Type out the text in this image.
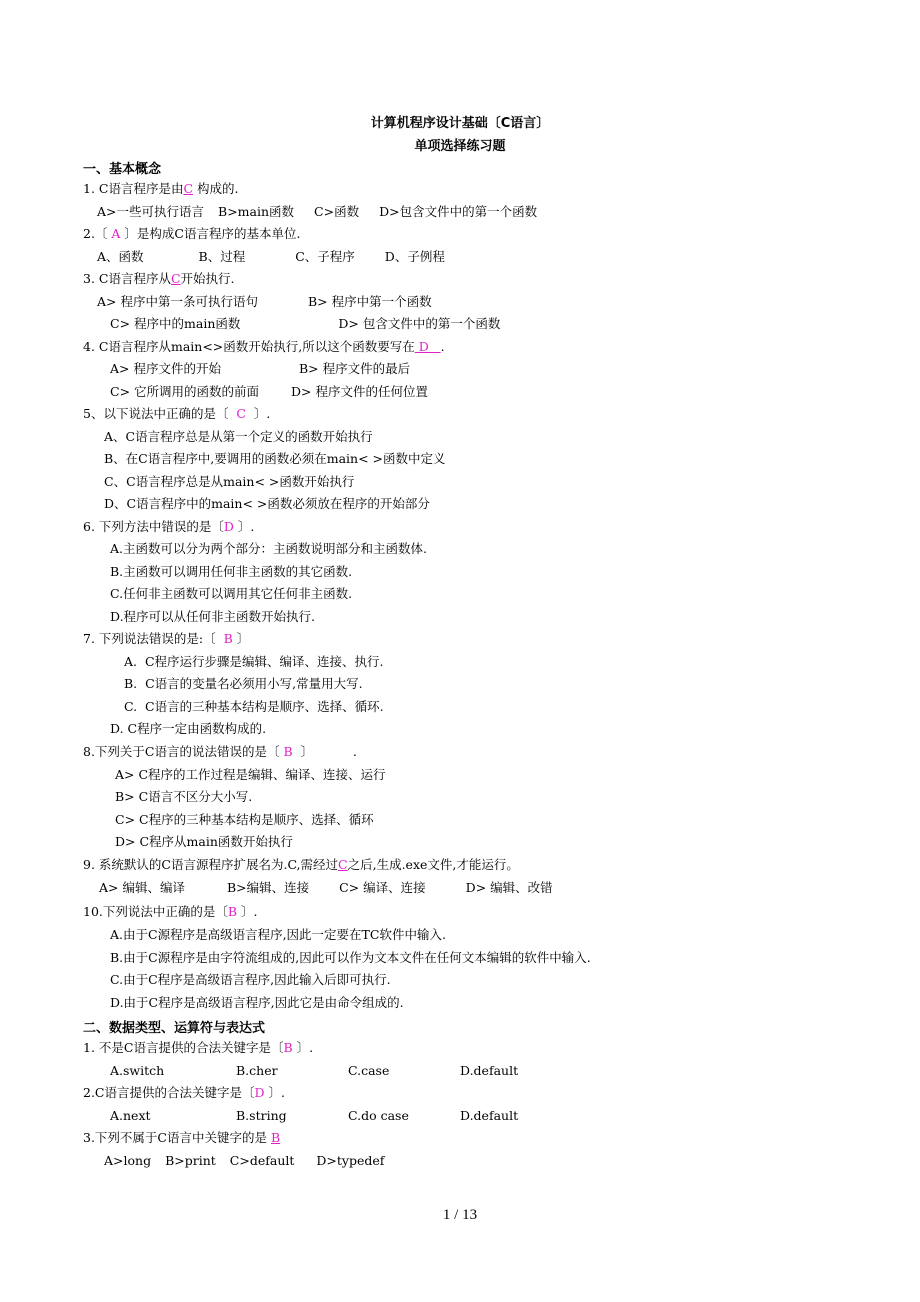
计算机程序设计基础〔C语言〕
单项选择练习题
一、基本概念
1. C语言程序是由C 构成的.
A>一些可执行语言 B>main函数 C>函数 D>包含文件中的第一个函数
2.〔 A 〕是构成C语言程序的基本单位.
A、函数	B、过程	C、子程序 D、子例程
3. C语言程序从C开始执行.
A> 程序中第一条可执行语句	B> 程序中第一个函数
C> 程序中的main函数	D> 包含文件中的第一个函数
4. C语言程序从main<>函数开始执行,所以这个函数要写在 D   .
A> 程序文件的开始	B> 程序文件的最后
C> 它所调用的函数的前面	D> 程序文件的任何位置
5、以下说法中正确的是〔  C  〕.
A、C语言程序总是从第一个定义的函数开始执行
B、在C语言程序中,要调用的函数必须在main< >函数中定义
C、C语言程序总是从main< >函数开始执行
D、C语言程序中的main< >函数必须放在程序的开始部分
6. 下列方法中错误的是〔D 〕.
A.主函数可以分为两个部分：主函数说明部分和主函数体.
B.主函数可以调用任何非主函数的其它函数.
C.任何非主函数可以调用其它任何非主函数.
D.程序可以从任何非主函数开始执行.
7. 下列说法错误的是:〔  B 〕
A.  C程序运行步骤是编辑、编译、连接、执行.
B.  C语言的变量名必须用小写,常量用大写.
C.  C语言的三种基本结构是顺序、选择、循环.
D. C程序一定由函数构成的.
8.下列关于C语言的说法错误的是〔 B  〕          .
A> C程序的工作过程是编辑、编译、连接、运行
B> C语言不区分大小写.
C> C程序的三种基本结构是顺序、选择、循环
D> C程序从main函数开始执行
9. 系统默认的C语言源程序扩展名为.C,需经过C之后,生成.exe文件,才能运行。
A> 编辑、编译	B>编辑、连接 C> 编译、连接	D> 编辑、改错
10.下列说法中正确的是〔B 〕.
A.由于C源程序是高级语言程序,因此一定要在TC软件中输入.
B.由于C源程序是由字符流组成的,因此可以作为文本文件在任何文本编辑的软件中输入.
C.由于C程序是高级语言程序,因此输入后即可执行.
D.由于C程序是高级语言程序,因此它是由命令组成的.
二、数据类型、运算符与表达式
1. 不是C语言提供的合法关键字是〔B 〕.
A.switch	B.cher	C.case	D.default
2.C语言提供的合法关键字是〔D 〕.
A.next	B.string	C.do case	D.default
3.下列不属于C语言中关键字的是 B
A>long B>print C>default D>typedef
1 / 13
